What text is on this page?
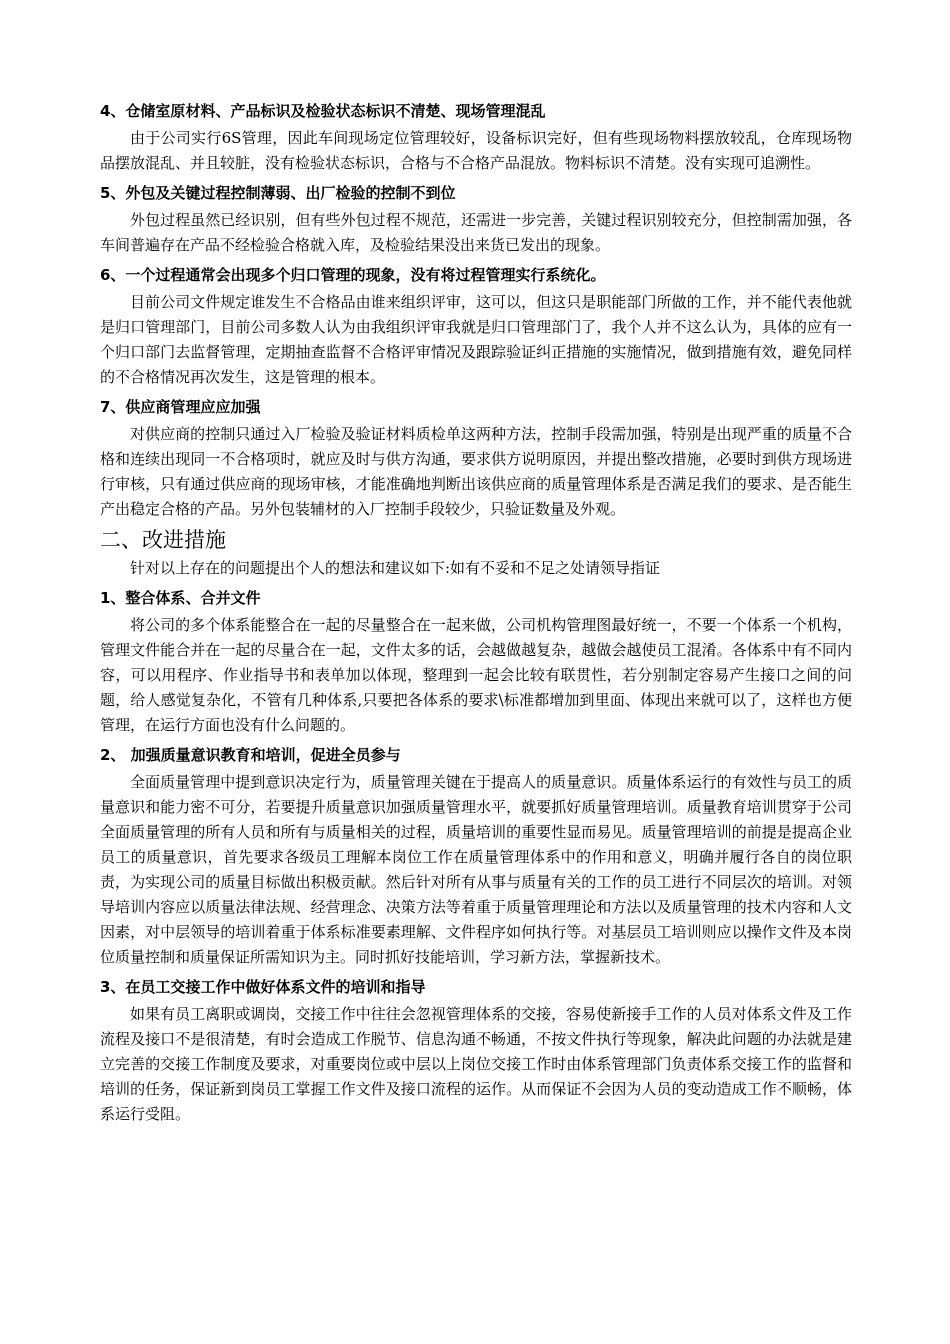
4、仓储室原材料、产品标识及检验状态标识不清楚、现场管理混乱
由于公司实行6S管理，因此车间现场定位管理较好，设备标识完好，但有些现场物料摆放较乱，仓库现场物品摆放混乱、并且较脏，没有检验状态标识，合格与不合格产品混放。物料标识不清楚。没有实现可追溯性。
5、外包及关键过程控制薄弱、出厂检验的控制不到位
外包过程虽然已经识别，但有些外包过程不规范，还需进一步完善，关键过程识别较充分，但控制需加强，各车间普遍存在产品不经检验合格就入库，及检验结果没出来货已发出的现象。
6、一个过程通常会出现多个归口管理的现象，没有将过程管理实行系统化。
目前公司文件规定谁发生不合格品由谁来组织评审，这可以，但这只是职能部门所做的工作，并不能代表他就是归口管理部门，目前公司多数人认为由我组织评审我就是归口管理部门了，我个人并不这么认为，具体的应有一个归口部门去监督管理，定期抽查监督不合格评审情况及跟踪验证纠正措施的实施情况，做到措施有效，避免同样的不合格情况再次发生，这是管理的根本。
7、供应商管理应应加强
对供应商的控制只通过入厂检验及验证材料质检单这两种方法，控制手段需加强，特别是出现严重的质量不合格和连续出现同一不合格项时，就应及时与供方沟通，要求供方说明原因，并提出整改措施，必要时到供方现场进行审核，只有通过供应商的现场审核，才能准确地判断出该供应商的质量管理体系是否满足我们的要求、是否能生产出稳定合格的产品。另外包装辅材的入厂控制手段较少，只验证数量及外观。
二、改进措施
针对以上存在的问题提出个人的想法和建议如下:如有不妥和不足之处请领导指证
1、整合体系、合并文件
将公司的多个体系能整合在一起的尽量整合在一起来做，公司机构管理图最好统一，不要一个体系一个机构，管理文件能合并在一起的尽量合在一起，文件太多的话，会越做越复杂，越做会越使员工混淆。各体系中有不同内容，可以用程序、作业指导书和表单加以体现，整理到一起会比较有联贯性，若分别制定容易产生接口之间的问题，给人感觉复杂化，不管有几种体系,只要把各体系的要求\标准都增加到里面、体现出来就可以了，这样也方便管理，在运行方面也没有什么问题的。
2、 加强质量意识教育和培训，促进全员参与
全面质量管理中提到意识决定行为，质量管理关键在于提高人的质量意识。质量体系运行的有效性与员工的质量意识和能力密不可分，若要提升质量意识加强质量管理水平，就要抓好质量管理培训。质量教育培训贯穿于公司全面质量管理的所有人员和所有与质量相关的过程，质量培训的重要性显而易见。质量管理培训的前提是提高企业员工的质量意识，首先要求各级员工理解本岗位工作在质量管理体系中的作用和意义，明确并履行各自的岗位职责，为实现公司的质量目标做出积极贡献。然后针对所有从事与质量有关的工作的员工进行不同层次的培训。对领导培训内容应以质量法律法规、经营理念、决策方法等着重于质量管理理论和方法以及质量管理的技术内容和人文因素，对中层领导的培训着重于体系标准要素理解、文件程序如何执行等。对基层员工培训则应以操作文件及本岗位质量控制和质量保证所需知识为主。同时抓好技能培训，学习新方法，掌握新技术。
3、在员工交接工作中做好体系文件的培训和指导
如果有员工离职或调岗，交接工作中往往会忽视管理体系的交接，容易使新接手工作的人员对体系文件及工作流程及接口不是很清楚，有时会造成工作脱节、信息沟通不畅通，不按文件执行等现象，解决此问题的办法就是建立完善的交接工作制度及要求，对重要岗位或中层以上岗位交接工作时由体系管理部门负责体系交接工作的监督和培训的任务，保证新到岗员工掌握工作文件及接口流程的运作。从而保证不会因为人员的变动造成工作不顺畅，体系运行受阻。
